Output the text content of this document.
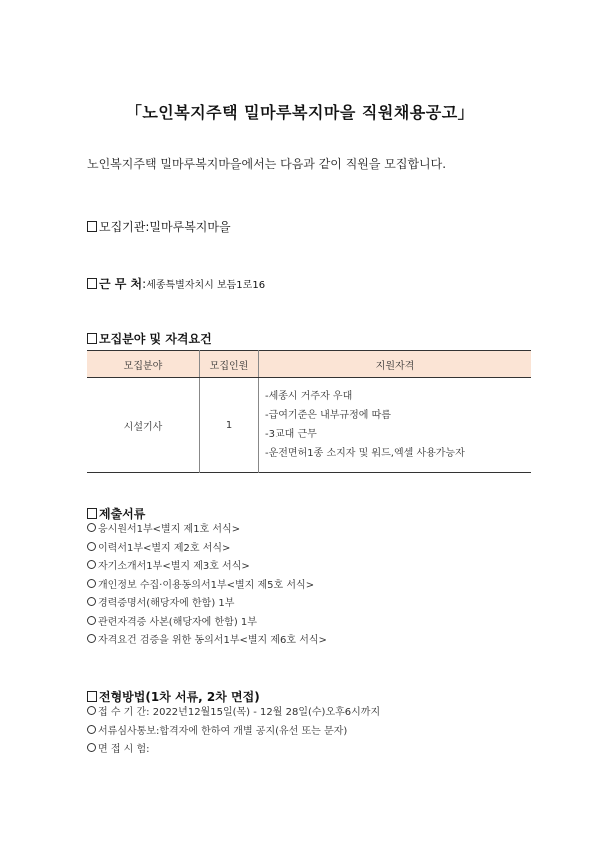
「노인복지주택 밀마루복지마을 직원채용공고」
노인복지주택 밀마루복지마을에서는 다음과 같이 직원을 모집합니다.
모집기관:밀마루복지마을
근 무 처:세종특별자치시 보듬1로16
모집분야 및 자격요건
모집분야	모집인원	지원자격
시설기사	1	-세종시 거주자 우대
-급여기준은 내부규정에 따름
-3교대 근무
-운전면허1종 소지자 및 워드,엑셀 사용가능자
제출서류
응시원서1부<별지 제1호 서식>
이력서1부<별지 제2호 서식>
자기소개서1부<별지 제3호 서식>
개인정보 수집·이용동의서1부<별지 제5호 서식>
경력증명서(해당자에 한함) 1부
관련자격증 사본(해당자에 한함) 1부
자격요건 검증을 위한 동의서1부<별지 제6호 서식>
전형방법(1차 서류, 2차 면접)
접 수 기 간: 2022년12월15일(목) - 12월 28일(수)오후6시까지
서류심사통보:합격자에 한하여 개별 공지(유선 또는 문자)
면 접 시 험:
